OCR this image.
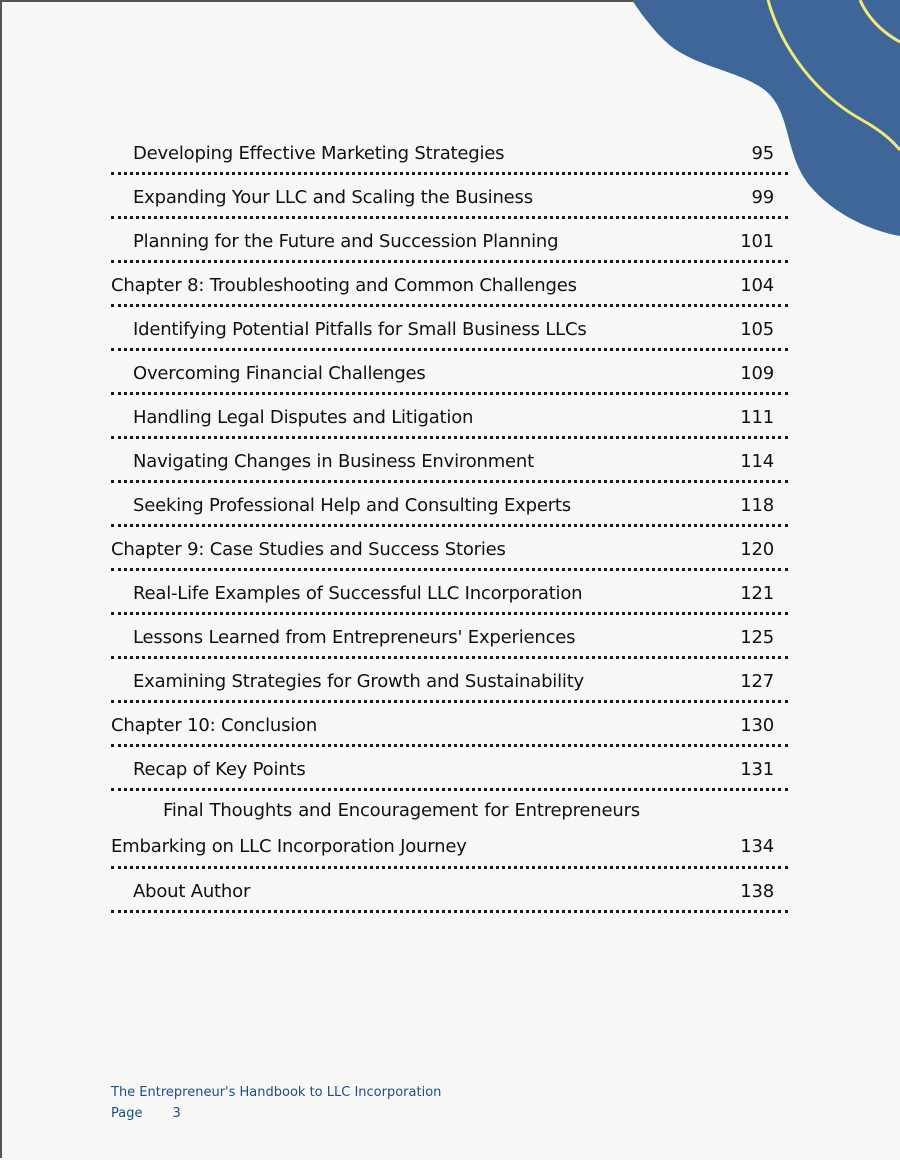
Developing Effective Marketing Strategies	95
Expanding Your LLC and Scaling the Business	99
Planning for the Future and Succession Planning	101
Chapter 8: Troubleshooting and Common Challenges	104
Identifying Potential Pitfalls for Small Business LLCs	105
Overcoming Financial Challenges	109
Handling Legal Disputes and Litigation	111
Navigating Changes in Business Environment	114
Seeking Professional Help and Consulting Experts	118
Chapter 9: Case Studies and Success Stories	120
Real-Life Examples of Successful LLC Incorporation	121
Lessons Learned from Entrepreneurs' Experiences	125
Examining Strategies for Growth and Sustainability	127
Chapter 10: Conclusion	130
Recap of Key Points	131
Final Thoughts and Encouragement for Entrepreneurs
Embarking on LLC Incorporation Journey	134
About Author	138
The Entrepreneur's Handbook to LLC Incorporation
Page 3
